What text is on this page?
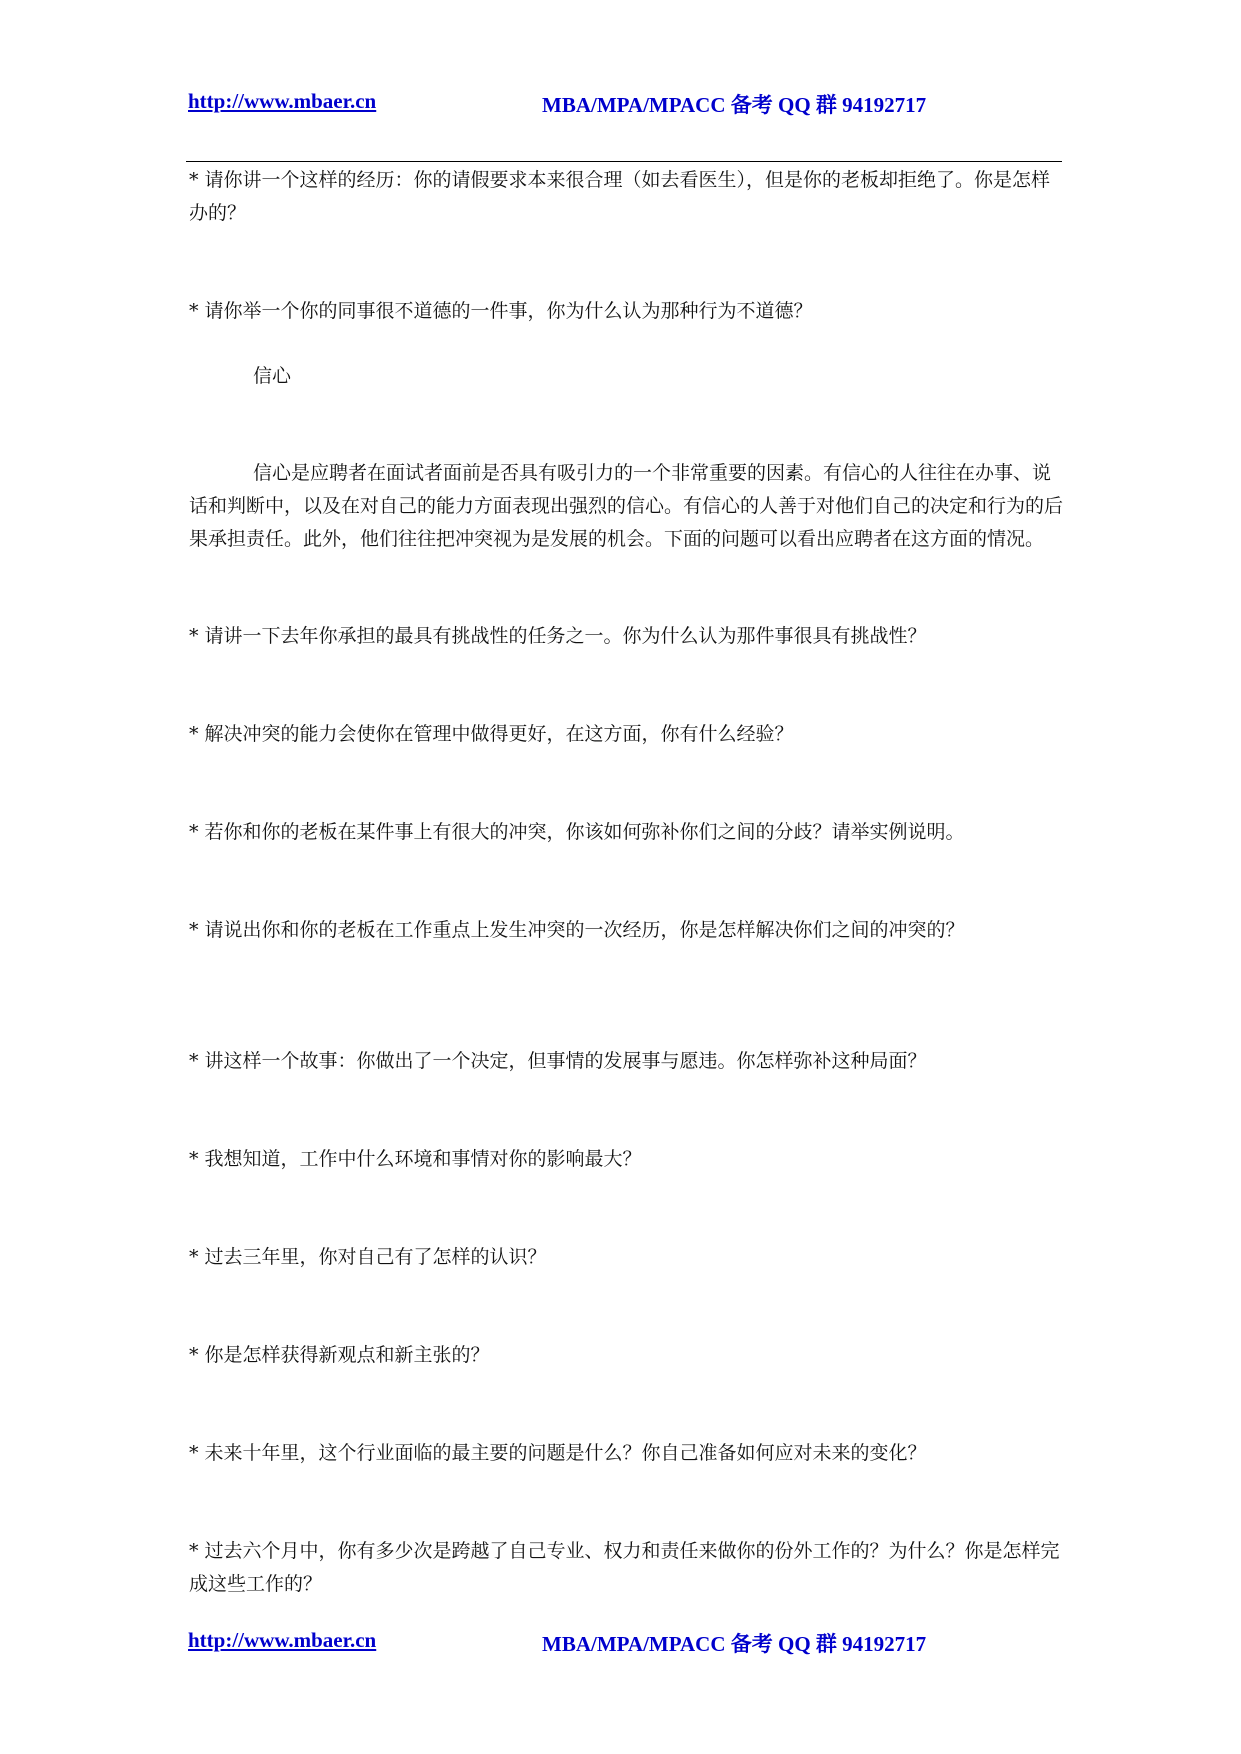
http://www.mbaer.cn	MBA/MPA/MPACC 备考 QQ 群 94192717

* 请你讲一个这样的经历：你的请假要求本来很合理（如去看医生），但是你的老板却拒绝了。你是怎样办的？

* 请你举一个你的同事很不道德的一件事，你为什么认为那种行为不道德？

信心

信心是应聘者在面试者面前是否具有吸引力的一个非常重要的因素。有信心的人往往在办事、说话和判断中，以及在对自己的能力方面表现出强烈的信心。有信心的人善于对他们自己的决定和行为的后果承担责任。此外，他们往往把冲突视为是发展的机会。下面的问题可以看出应聘者在这方面的情况。

* 请讲一下去年你承担的最具有挑战性的任务之一。你为什么认为那件事很具有挑战性？

* 解决冲突的能力会使你在管理中做得更好，在这方面，你有什么经验？

* 若你和你的老板在某件事上有很大的冲突，你该如何弥补你们之间的分歧？请举实例说明。

* 请说出你和你的老板在工作重点上发生冲突的一次经历，你是怎样解决你们之间的冲突的？

* 讲这样一个故事：你做出了一个决定，但事情的发展事与愿违。你怎样弥补这种局面？

* 我想知道，工作中什么环境和事情对你的影响最大？

* 过去三年里，你对自己有了怎样的认识？

* 你是怎样获得新观点和新主张的？

* 未来十年里，这个行业面临的最主要的问题是什么？你自己准备如何应对未来的变化？

* 过去六个月中，你有多少次是跨越了自己专业、权力和责任来做你的份外工作的？为什么？你是怎样完成这些工作的？

http://www.mbaer.cn	MBA/MPA/MPACC 备考 QQ 群 94192717
